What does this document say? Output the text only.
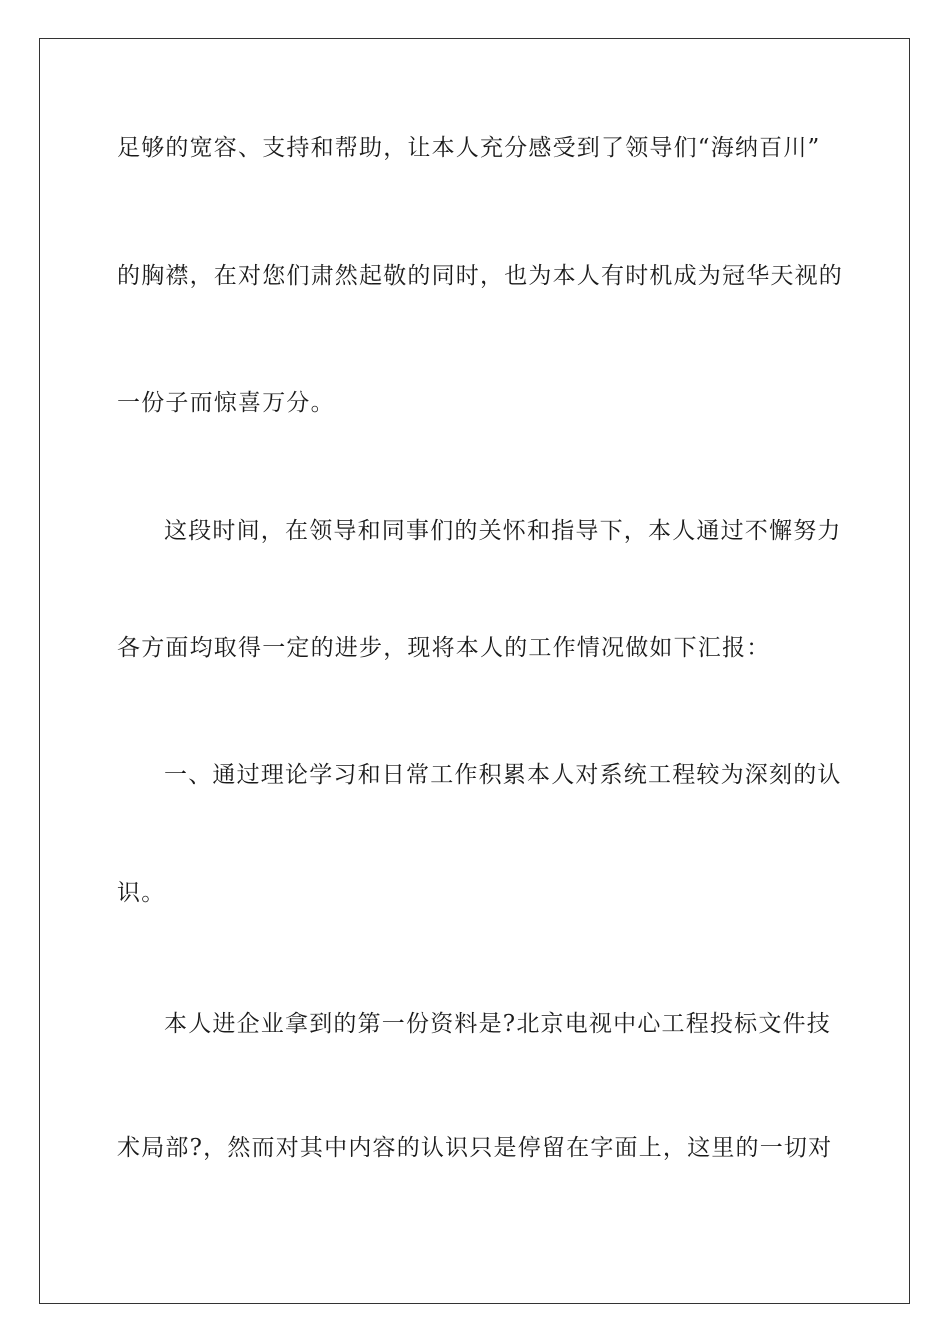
足够的宽容、支持和帮助，让本人充分感受到了领导们“海纳百川”
的胸襟，在对您们肃然起敬的同时，也为本人有时机成为冠华天视的
一份子而惊喜万分。
这段时间，在领导和同事们的关怀和指导下，本人通过不懈努力
各方面均取得一定的进步，现将本人的工作情况做如下汇报：
一、通过理论学习和日常工作积累本人对系统工程较为深刻的认
识。
本人进企业拿到的第一份资料是?北京电视中心工程投标文件技
术局部?，然而对其中内容的认识只是停留在字面上，这里的一切对
